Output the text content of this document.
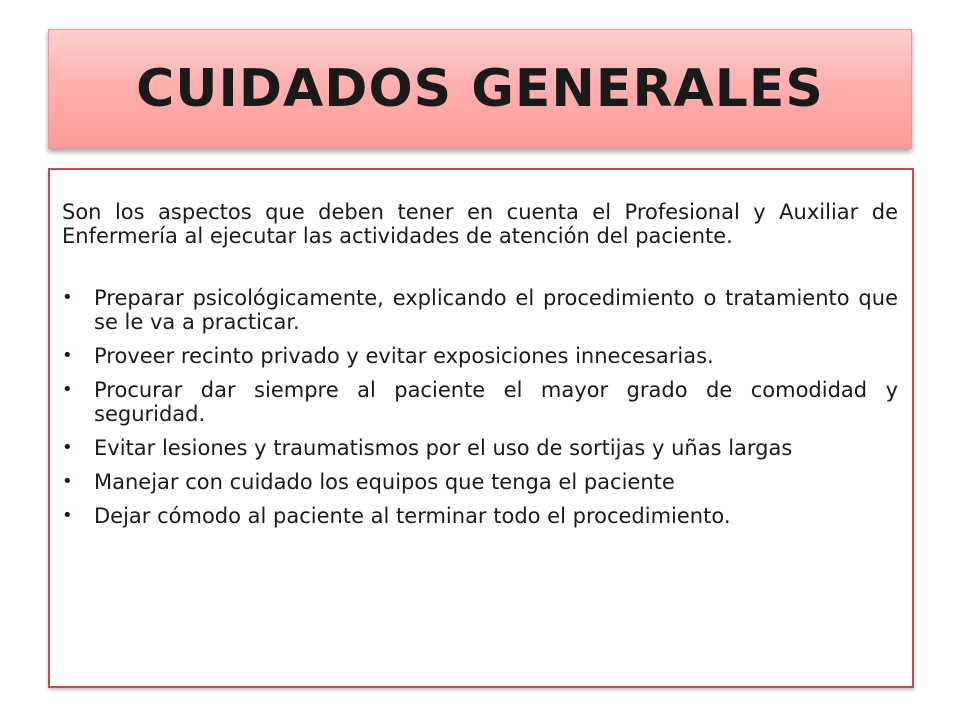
CUIDADOS GENERALES

Son los aspectos que deben tener en cuenta el Profesional y Auxiliar de Enfermería al ejecutar las actividades de atención del paciente.

•	Preparar psicológicamente, explicando el procedimiento o tratamiento que se le va a practicar.
•	Proveer recinto privado y evitar exposiciones innecesarias.
•	Procurar dar siempre al paciente el mayor grado de comodidad y seguridad.
•	Evitar lesiones y traumatismos por el uso de sortijas y uñas largas
•	Manejar con cuidado los equipos que tenga el paciente
•	Dejar cómodo al paciente al terminar todo el procedimiento.
